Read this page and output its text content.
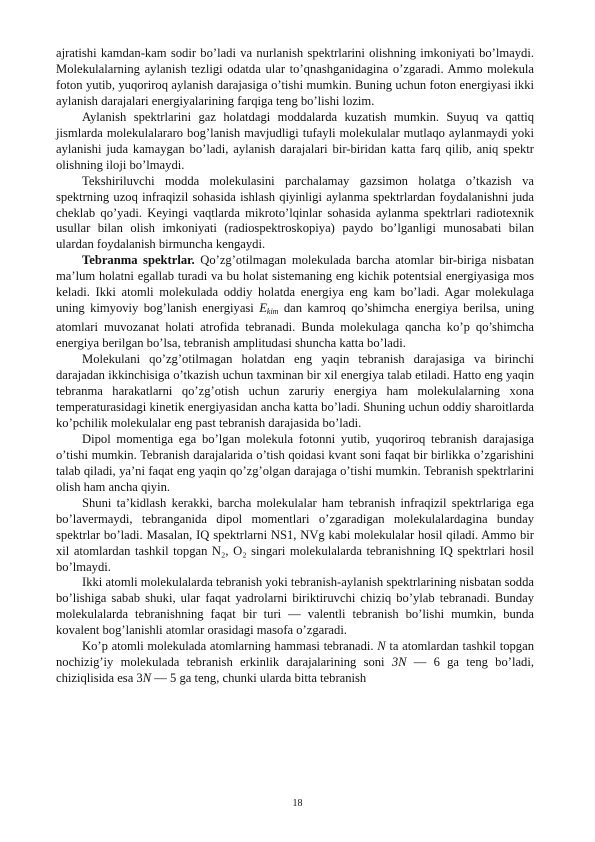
ajratishi kamdan-kam sodir bo’ladi va nurlanish spektrlarini olishning imkoniyati bo’lmaydi. Molekulalarning aylanish tezligi odatda ular to’qnashganidagina o’zgaradi. Ammo molekula foton yutib, yuqoriroq aylanish darajasiga o’tishi mumkin. Buning uchun foton energiyasi ikki aylanish darajalari energiyalarining farqiga teng bo’lishi lozim.

Aylanish spektrlarini gaz holatdagi moddalarda kuzatish mumkin. Suyuq va qattiq jismlarda molekulalararo bog’lanish mavjudligi tufayli molekulalar mutlaqo aylanmaydi yoki aylanishi juda kamaygan bo’ladi, aylanish darajalari bir-biridan katta farq qilib, aniq spektr olishning iloji bo’lmaydi.

Tekshiriluvchi modda molekulasini parchalamay gazsimon holatga o’tkazish va spektrning uzoq infraqizil sohasida ishlash qiyinligi aylanma spektrlardan foydalanishni juda cheklab qo’yadi. Keyingi vaqtlarda mikroto’lqinlar sohasida aylanma spektrlari radiotexnik usullar bilan olish imkoniyati (radiospektroskopiya) paydo bo’lganligi munosabati bilan ulardan foydalanish birmuncha kengaydi.

Tebranma spektrlar. Qo’zg’otilmagan molekulada barcha atomlar bir-biriga nisbatan ma’lum holatni egallab turadi va bu holat sistemaning eng kichik potentsial energiyasiga mos keladi. Ikki atomli molekulada oddiy holatda energiya eng kam bo’ladi. Agar molekulaga uning kimyoviy bog’lanish energiyasi $E_{kim}$ dan kamroq qo’shimcha energiya berilsa, uning atomlari muvozanat holati atrofida tebranadi. Bunda molekulaga qancha ko’p qo’shimcha energiya berilgan bo’lsa, tebranish amplitudasi shuncha katta bo’ladi.

Molekulani qo’zg’otilmagan holatdan eng yaqin tebranish darajasiga va birinchi darajadan ikkinchisiga o’tkazish uchun taxminan bir xil energiya talab etiladi. Hatto eng yaqin tebranma harakatlarni qo’zg’otish uchun zaruriy energiya ham molekulalarning xona temperaturasidagi kinetik energiyasidan ancha katta bo’ladi. Shuning uchun oddiy sharoitlarda ko’pchilik molekulalar eng past tebranish darajasida bo’ladi.

Dipol momentiga ega bo’lgan molekula fotonni yutib, yuqoriroq tebranish darajasiga o’tishi mumkin. Tebranish darajalarida o’tish qoidasi kvant soni faqat bir birlikka o’zgarishini talab qiladi, ya’ni faqat eng yaqin qo’zg’olgan darajaga o’tishi mumkin. Tebranish spektrlarini olish ham ancha qiyin.

Shuni ta’kidlash kerakki, barcha molekulalar ham tebranish infraqizil spektrlariga ega bo’lavermaydi, tebranganida dipol momentlari o’zgaradigan molekulalardagina bunday spektrlar bo’ladi. Masalan, IQ spektrlarni NS1, NVg kabi molekulalar hosil qiladi. Ammo bir xil atomlardan tashkil topgan N₂, O₂ singari molekulalarda tebranishning IQ spektrlari hosil bo’lmaydi.

Ikki atomli molekulalarda tebranish yoki tebranish-aylanish spektrlarining nisbatan sodda bo’lishiga sabab shuki, ular faqat yadrolarni biriktiruvchi chiziq bo’ylab tebranadi. Bunday molekulalarda tebranishning faqat bir turi — valentli tebranish bo’lishi mumkin, bunda kovalent bog’lanishli atomlar orasidagi masofa o’zgaradi.

Ko’p atomli molekulada atomlarning hammasi tebranadi. N ta atomlardan tashkil topgan nochizig’iy molekulada tebranish erkinlik darajalarining soni 3N — 6 ga teng bo’ladi, chiziqlisida esa 3N — 5 ga teng, chunki ularda bitta tebranish

18
